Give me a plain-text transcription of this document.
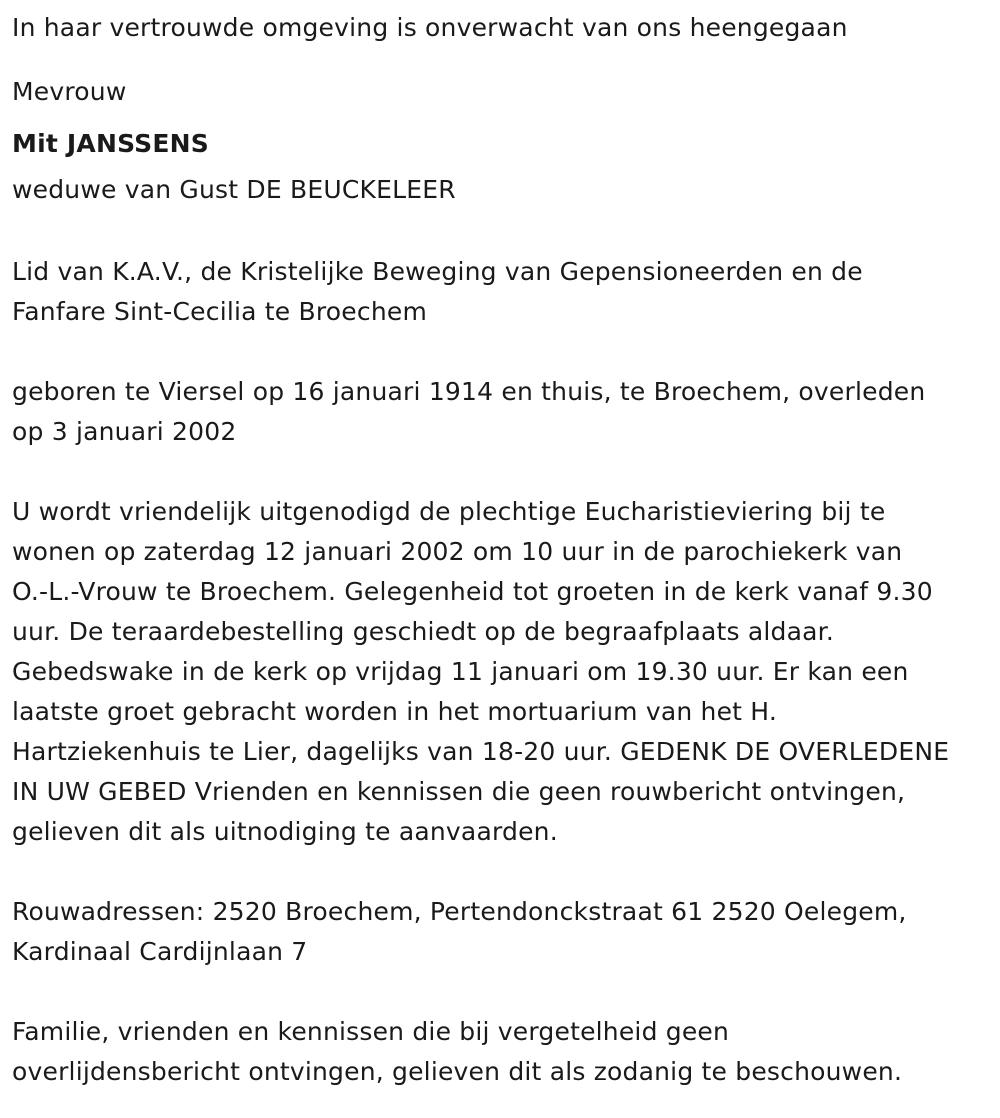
In haar vertrouwde omgeving is onverwacht van ons heengegaan

Mevrouw

Mit JANSSENS

weduwe van Gust DE BEUCKELEER

Lid van K.A.V., de Kristelijke Beweging van Gepensioneerden en de

Fanfare Sint-Cecilia te Broechem

geboren te Viersel op 16 januari 1914 en thuis, te Broechem, overleden

op 3 januari 2002

U wordt vriendelijk uitgenodigd de plechtige Eucharistieviering bij te

wonen op zaterdag 12 januari 2002 om 10 uur in de parochiekerk van

O.-L.-Vrouw te Broechem. Gelegenheid tot groeten in de kerk vanaf 9.30

uur. De teraardebestelling geschiedt op de begraafplaats aldaar.

Gebedswake in de kerk op vrijdag 11 januari om 19.30 uur. Er kan een

laatste groet gebracht worden in het mortuarium van het H.

Hartziekenhuis te Lier, dagelijks van 18-20 uur. GEDENK DE OVERLEDENE

IN UW GEBED Vrienden en kennissen die geen rouwbericht ontvingen,

gelieven dit als uitnodiging te aanvaarden.

Rouwadressen: 2520 Broechem, Pertendonckstraat 61 2520 Oelegem,

Kardinaal Cardijnlaan 7

Familie, vrienden en kennissen die bij vergetelheid geen

overlijdensbericht ontvingen, gelieven dit als zodanig te beschouwen.
